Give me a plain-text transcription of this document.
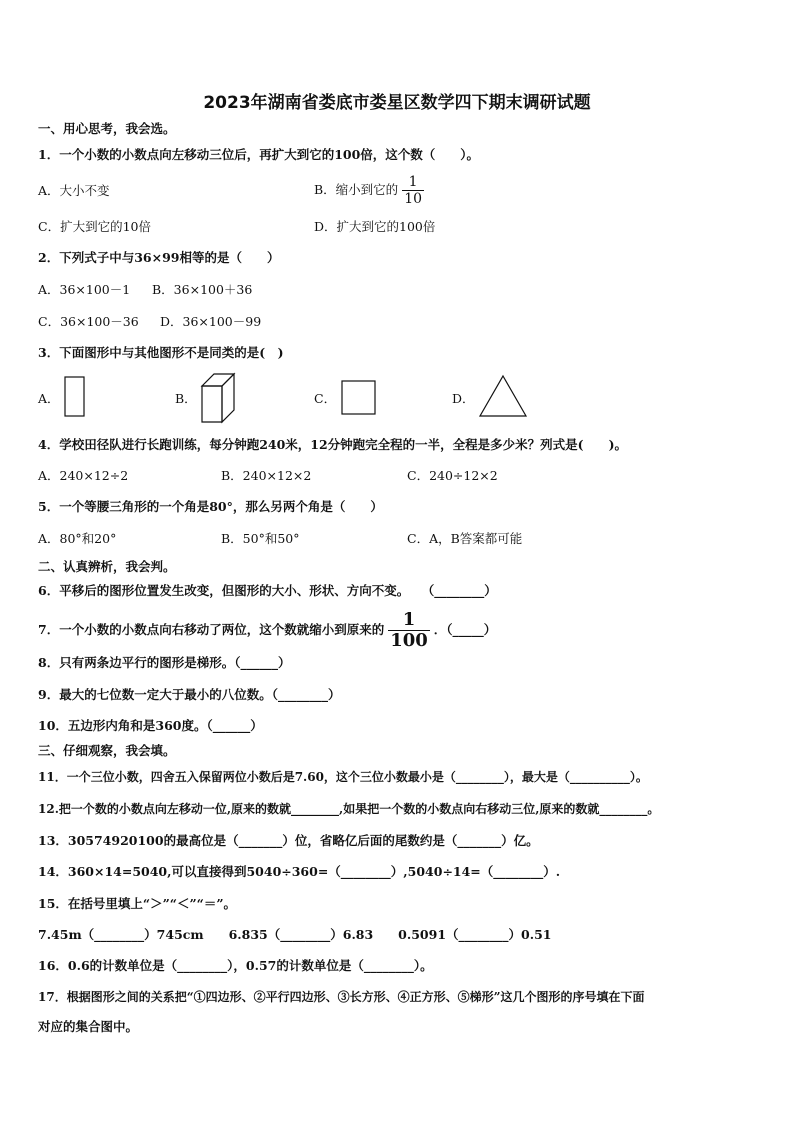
2023年湖南省娄底市娄星区数学四下期末调研试题
一、用心思考，我会选。
1．一个小数的小数点向左移动三位后，再扩大到它的100倍，这个数（　　）。
A．大小不变	B．缩小到它的 $\frac{1}{10}$
C．扩大到它的10倍	D．扩大到它的100倍
2．下列式子中与36×99相等的是（　　）
A．36×100－1 B．36×100＋36
C．36×100－36 D．36×100－99
3．下面图形中与其他图形不是同类的是(　)
A．	B．	C．	D．
4．学校田径队进行长跑训练，每分钟跑240米，12分钟跑完全程的一半，全程是多少米？列式是(　　)。
A．240×12÷2	B．240×12×2	C．240÷12×2
5．一个等腰三角形的一个角是80°，那么另两个角是（　　）
A．80°和20°	B．50°和50°	C．A，B答案都可能
二、认真辨析，我会判。
6．平移后的图形位置发生改变，但图形的大小、形状、方向不变。　　（________）
7．一个小数的小数点向右移动了两位，这个数就缩小到原来的 $\frac{1}{100}$ ．（_____）
8．只有两条边平行的图形是梯形。（______）
9．最大的七位数一定大于最小的八位数。（________）
10．五边形内角和是360度。（______）
三、仔细观察，我会填。
11．一个三位小数，四舍五入保留两位小数后是7.60，这个三位小数最小是（________），最大是（__________）。
12.把一个数的小数点向左移动一位,原来的数就________,如果把一个数的小数点向右移动三位,原来的数就________。
13．30574920100的最高位是（_______）位，省略亿后面的尾数约是（_______）亿。
14．360×14=5040,可以直接得到5040÷360=（________）,5040÷14=（________）.
15．在括号里填上“＞”“＜”“＝”。
7.45m（________）745cm　　6.835（________）6.83　　0.5091（________）0.51
16．0.6的计数单位是（________），0.57的计数单位是（________）。
17．根据图形之间的关系把“①四边形、②平行四边形、③长方形、④正方形、⑤梯形”这几个图形的序号填在下面
对应的集合图中。
